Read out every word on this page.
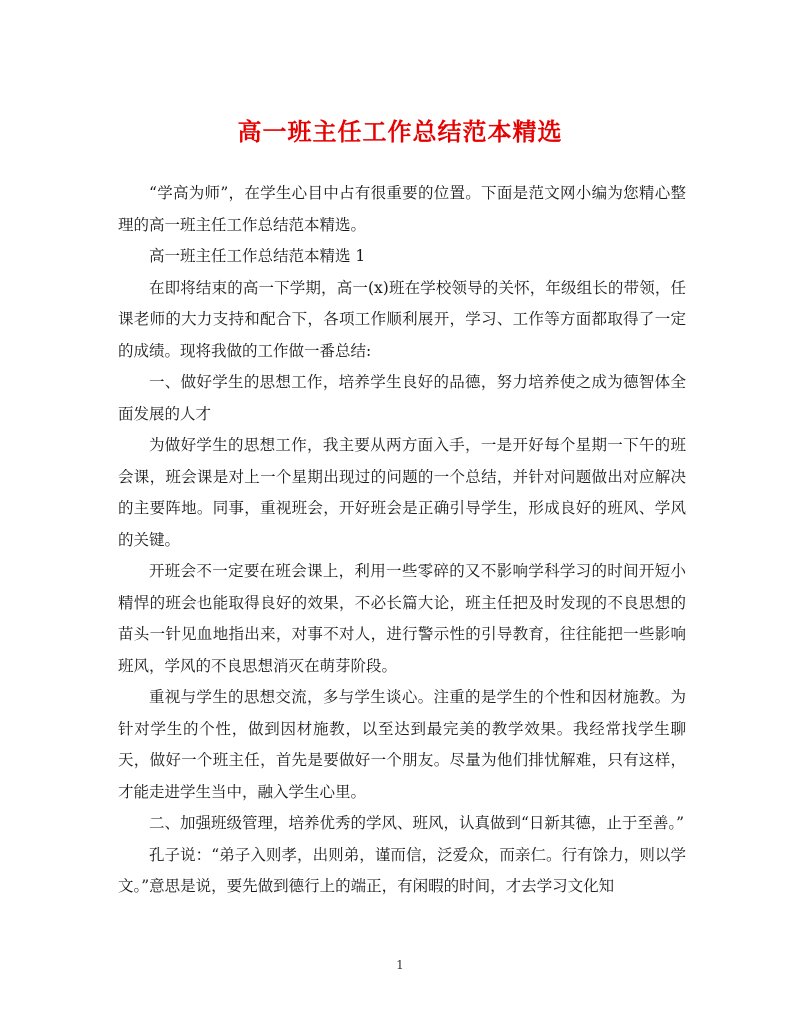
高一班主任工作总结范本精选

“学高为师”，在学生心目中占有很重要的位置。下面是范文网小编为您精心整理的高一班主任工作总结范本精选。

高一班主任工作总结范本精选 1

在即将结束的高一下学期，高一(x)班在学校领导的关怀，年级组长的带领，任课老师的大力支持和配合下，各项工作顺利展开，学习、工作等方面都取得了一定的成绩。现将我做的工作做一番总结:

一、做好学生的思想工作，培养学生良好的品德，努力培养使之成为德智体全面发展的人才

为做好学生的思想工作，我主要从两方面入手，一是开好每个星期一下午的班会课，班会课是对上一个星期出现过的问题的一个总结，并针对问题做出对应解决的主要阵地。同事，重视班会，开好班会是正确引导学生，形成良好的班风、学风的关键。

开班会不一定要在班会课上，利用一些零碎的又不影响学科学习的时间开短小精悍的班会也能取得良好的效果，不必长篇大论，班主任把及时发现的不良思想的苗头一针见血地指出来，对事不对人，进行警示性的引导教育，往往能把一些影响班风，学风的不良思想消灭在萌芽阶段。

重视与学生的思想交流，多与学生谈心。注重的是学生的个性和因材施教。为针对学生的个性，做到因材施教，以至达到最完美的教学效果。我经常找学生聊天，做好一个班主任，首先是要做好一个朋友。尽量为他们排忧解难，只有这样，才能走进学生当中，融入学生心里。

二、加强班级管理，培养优秀的学风、班风，认真做到“日新其德，止于至善。”

孔子说：“弟子入则孝，出则弟，谨而信，泛爱众，而亲仁。行有馀力，则以学文。”意思是说，要先做到德行上的端正，有闲暇的时间，才去学习文化知

1
